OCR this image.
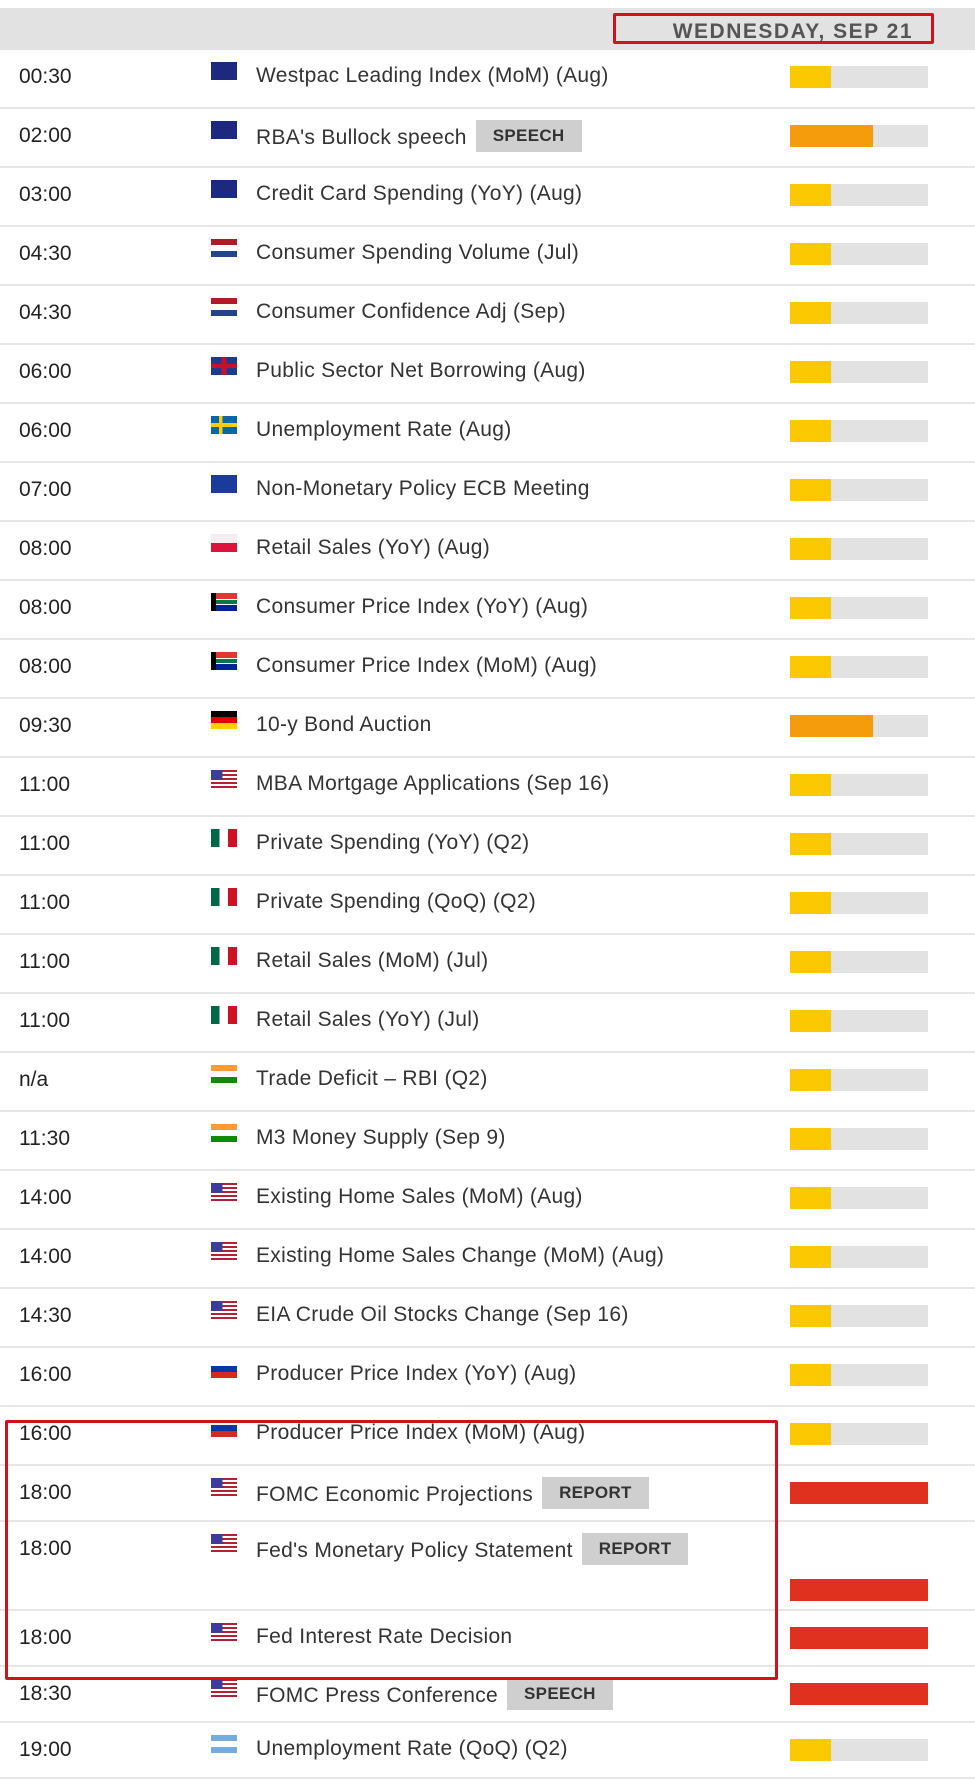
WEDNESDAY, SEP 21
00:30	Westpac Leading Index (MoM) (Aug)
02:00	RBA's Bullock speech	SPEECH
03:00	Credit Card Spending (YoY) (Aug)
04:30	Consumer Spending Volume (Jul)
04:30	Consumer Confidence Adj (Sep)
06:00	Public Sector Net Borrowing (Aug)
06:00	Unemployment Rate (Aug)
07:00	Non-Monetary Policy ECB Meeting
08:00	Retail Sales (YoY) (Aug)
08:00	Consumer Price Index (YoY) (Aug)
08:00	Consumer Price Index (MoM) (Aug)
09:30	10-y Bond Auction
11:00	MBA Mortgage Applications (Sep 16)
11:00	Private Spending (YoY) (Q2)
11:00	Private Spending (QoQ) (Q2)
11:00	Retail Sales (MoM) (Jul)
11:00	Retail Sales (YoY) (Jul)
n/a	Trade Deficit – RBI (Q2)
11:30	M3 Money Supply (Sep 9)
14:00	Existing Home Sales (MoM) (Aug)
14:00	Existing Home Sales Change (MoM) (Aug)
14:30	EIA Crude Oil Stocks Change (Sep 16)
16:00	Producer Price Index (YoY) (Aug)
16:00	Producer Price Index (MoM) (Aug)
18:00	FOMC Economic Projections	REPORT
18:00	Fed's Monetary Policy Statement	REPORT
18:00	Fed Interest Rate Decision
18:30	FOMC Press Conference	SPEECH
19:00	Unemployment Rate (QoQ) (Q2)
